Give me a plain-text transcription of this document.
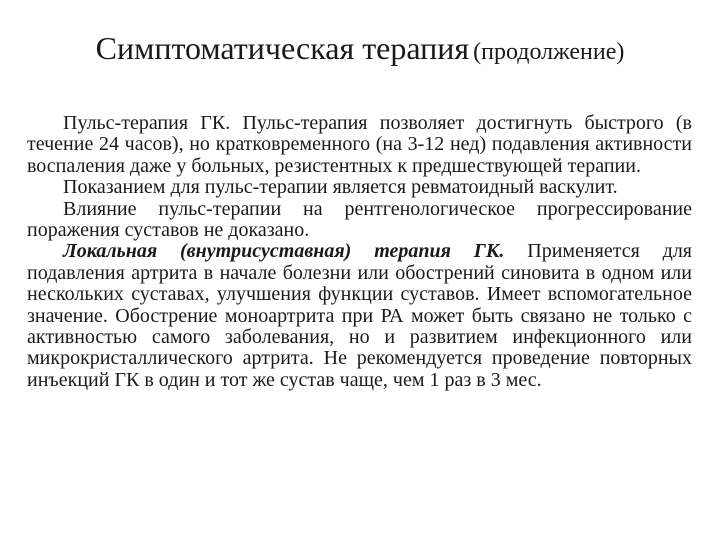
Симптоматическая терапия (продолжение)

Пульс-терапия ГК. Пульс-терапия позволяет достигнуть быстрого (в течение 24 часов), но кратковременного (на 3-12 нед) подавления активности воспаления даже у больных, резистентных к предшествующей терапии.

Показанием для пульс-терапии является ревматоидный васкулит.

Влияние пульс-терапии на рентгенологическое прогрессирование поражения суставов не доказано.

Локальная (внутрисуставная) терапия ГК. Применяется для подавления артрита в начале болезни или обострений синовита в одном или нескольких суставах, улучшения функции суставов. Имеет вспомогательное значение. Обострение моноартрита при РА может быть связано не только с активностью самого заболевания, но и развитием инфекционного или микрокристаллического артрита. Не рекомендуется проведение повторных инъекций ГК в один и тот же сустав чаще, чем 1 раз в 3 мес.
